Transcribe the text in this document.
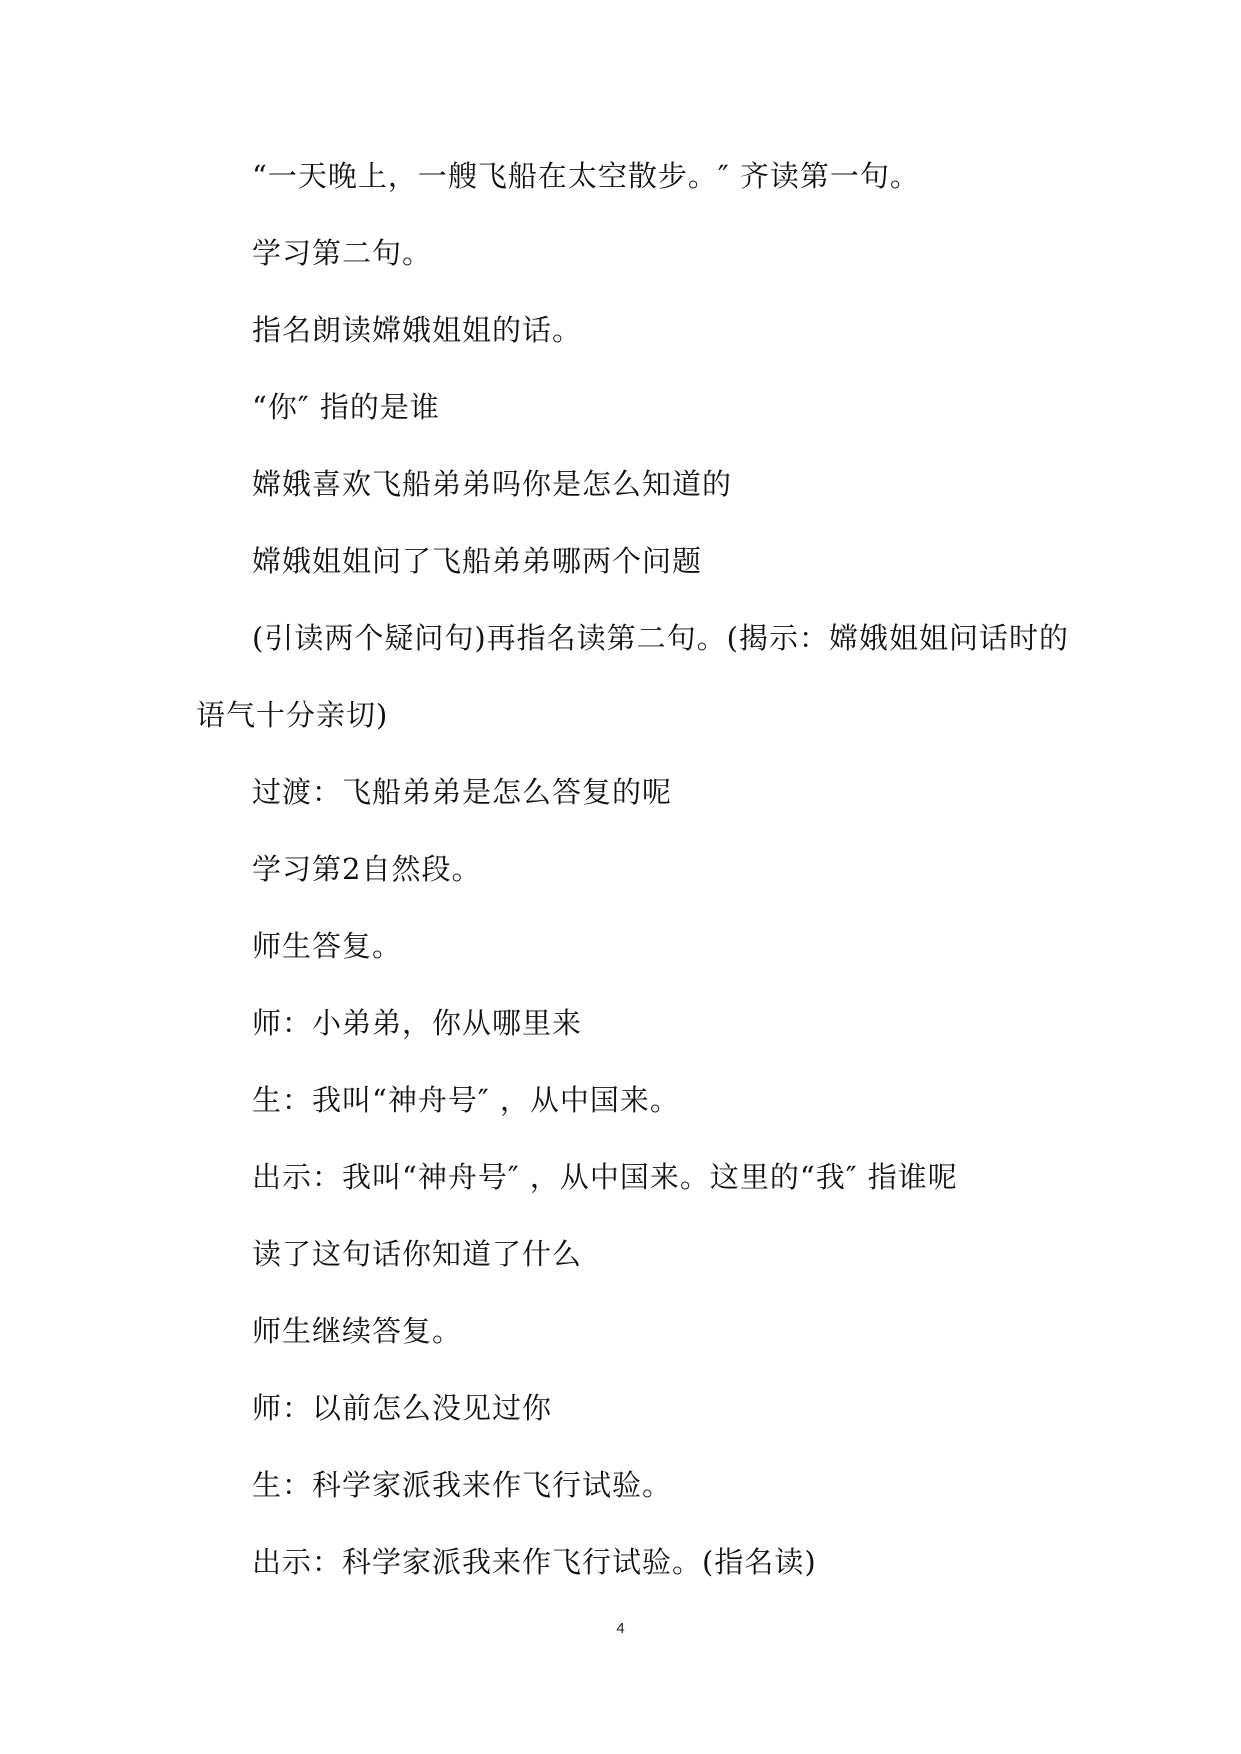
“一天晚上，一艘飞船在太空散步。″ 齐读第一句。
学习第二句。
指名朗读嫦娥姐姐的话。
“你″ 指的是谁
嫦娥喜欢飞船弟弟吗你是怎么知道的
嫦娥姐姐问了飞船弟弟哪两个问题
(引读两个疑问句)再指名读第二句。(揭示：嫦娥姐姐问话时的
语气十分亲切)
过渡：飞船弟弟是怎么答复的呢
学习第2自然段。
师生答复。
师：小弟弟，你从哪里来
生：我叫“神舟号″ ，从中国来。
出示：我叫“神舟号″ ，从中国来。这里的“我″ 指谁呢
读了这句话你知道了什么
师生继续答复。
师：以前怎么没见过你
生：科学家派我来作飞行试验。
出示：科学家派我来作飞行试验。(指名读)
4
